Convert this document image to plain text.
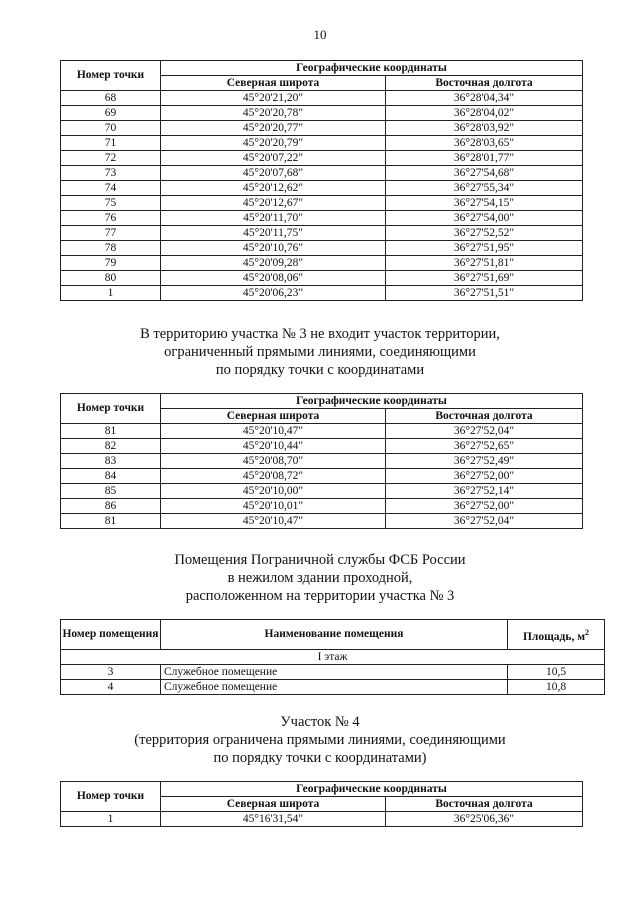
10
Номер точки	Географические координаты	
	Северная широта	Восточная долгота
68	45°20'21,20"	36°28'04,34"
69	45°20'20,78"	36°28'04,02"
70	45°20'20,77"	36°28'03,92"
71	45°20'20,79"	36°28'03,65"
72	45°20'07,22"	36°28'01,77"
73	45°20'07,68"	36°27'54,68"
74	45°20'12,62"	36°27'55,34"
75	45°20'12,67"	36°27'54,15"
76	45°20'11,70"	36°27'54,00"
77	45°20'11,75"	36°27'52,52"
78	45°20'10,76"	36°27'51,95"
79	45°20'09,28"	36°27'51,81"
80	45°20'08,06"	36°27'51,69"
1	45°20'06,23"	36°27'51,51"
В территорию участка № 3 не входит участок территории,
ограниченный прямыми линиями, соединяющими
по порядку точки с координатами
Номер точки	Географические координаты	
	Северная широта	Восточная долгота
81	45°20'10,47"	36°27'52,04"
82	45°20'10,44"	36°27'52,65"
83	45°20'08,70"	36°27'52,49"
84	45°20'08,72"	36°27'52,00"
85	45°20'10,00"	36°27'52,14"
86	45°20'10,01"	36°27'52,00"
81	45°20'10,47"	36°27'52,04"
Помещения Пограничной службы ФСБ России
в нежилом здании проходной,
расположенном на территории участка № 3
Номер помещения	Наименование помещения	Площадь, $м^2$
I этаж		
3	Служебное помещение	10,5
4	Служебное помещение	10,8
Участок № 4
(территория ограничена прямыми линиями, соединяющими
по порядку точки с координатами)
Номер точки	Географические координаты	
	Северная широта	Восточная долгота
1	45°16'31,54"	36°25'06,36"
